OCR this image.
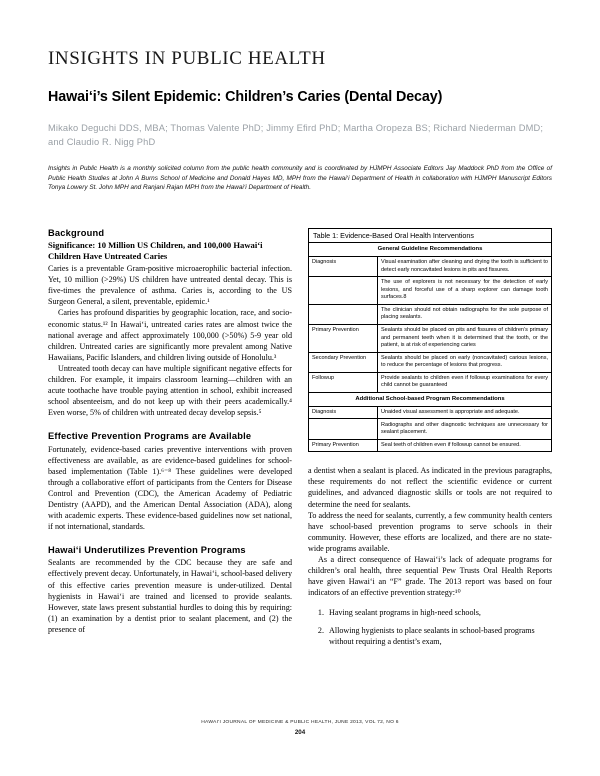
INSIGHTS IN PUBLIC HEALTH
Hawai‘i’s Silent Epidemic: Children’s Caries (Dental Decay)
Mikako Deguchi DDS, MBA; Thomas Valente PhD; Jimmy Efird PhD; Martha Oropeza BS; Richard Niederman DMD; and Claudio R. Nigg PhD
Insights in Public Health is a monthly solicited column from the public health community and is coordinated by HJMPH Associate Editors Jay Maddock PhD from the Office of Public Health Studies at John A Burns School of Medicine and Donald Hayes MD, MPH from the Hawai‘i Department of Health in collaboration with HJMPH Manuscript Editors Tonya Lowery St. John MPH and Ranjani Rajan MPH from the Hawai‘i Department of Health.
Background
Significance: 10 Million US Children, and 100,000 Hawai‘i Children Have Untreated Caries

Caries is a preventable Gram-positive microaerophilic bacterial infection. Yet, 10 million (>29%) US children have untreated dental decay. This is five-times the prevalence of asthma. Caries is, according to the US Surgeon General, a silent, preventable, epidemic.¹

Caries has profound disparities by geographic location, race, and socio-economic status.¹² In Hawai‘i, untreated caries rates are almost twice the national average and affect approximately 100,000 (>50%) 5-9 year old children. Untreated caries are significantly more prevalent among Native Hawaiians, Pacific Islanders, and children living outside of Honolulu.³

Untreated tooth decay can have multiple significant negative effects for children. For example, it impairs classroom learning—children with an acute toothache have trouble paying attention in school, exhibit increased school absenteeism, and do not keep up with their peers academically.⁴ Even worse, 5% of children with untreated decay develop sepsis.⁵

Effective Prevention Programs are Available

Fortunately, evidence-based caries preventive interventions with proven effectiveness are available, as are evidence-based guidelines for school-based implementation (Table 1).⁶⁻⁸ These guidelines were developed through a collaborative effort of participants from the Centers for Disease Control and Prevention (CDC), the American Academy of Pediatric Dentistry (AAPD), and the American Dental Association (ADA), along with academic experts. These evidence-based guidelines now set national, if not international, standards.

Hawai‘i Underutilizes Prevention Programs

Sealants are recommended by the CDC because they are safe and effectively prevent decay. Unfortunately, in Hawai‘i, school-based delivery of this effective caries prevention measure is under-utilized. Dental hygienists in Hawai‘i are trained and licensed to provide sealants. However, state laws present substantial hurdles to doing this by requiring: (1) an examination by a dentist prior to sealant placement, and (2) the presence of

Table 1: Evidence-Based Oral Health Interventions	
General Guideline Recommendations	
Diagnosis	Visual examination after cleaning and drying the tooth is sufficient to detect early noncavitated lesions in pits and fissures.
	The use of explorers is not necessary for the detection of early lesions, and forceful use of a sharp explorer can damage tooth surfaces.8
	The clinician should not obtain radiographs for the sole purpose of placing sealants.
Primary Prevention	Sealants should be placed on pits and fissures of children’s primary and permanent teeth when it is determined that the tooth, or the patient, is at risk of experiencing caries
Secondary Prevention	Sealants should be placed on early (noncavitated) carious lesions, to reduce the percentage of lesions that progress.
Followup	Provide sealants to children even if followup examinations for every child cannot be guaranteed
Additional School-based Program Recommendations	
Diagnosis	Unaided visual assessment is appropriate and adequate.
	Radiographs and other diagnostic techniques are unnecessary for sealant placement.
Primary Prevention	Seal teeth of children even if followup cannot be ensured.

a dentist when a sealant is placed. As indicated in the previous paragraphs, these requirements do not reflect the scientific evidence or current guidelines, and advanced diagnostic skills or tools are not required to determine the need for sealants.

To address the need for sealants, currently, a few community health centers have school-based prevention programs to serve schools in their community. However, these efforts are localized, and there are no state-wide programs available.

As a direct consequence of Hawai‘i’s lack of adequate programs for children’s oral health, three sequential Pew Trusts Oral Health Reports have given Hawai‘i an “F” grade. The 2013 report was based on four indicators of an effective prevention strategy:¹⁰

1. Having sealant programs in high-need schools,
2. Allowing hygienists to place sealants in school-based programs without requiring a dentist’s exam,
HAWAI‘I JOURNAL OF MEDICINE & PUBLIC HEALTH, JUNE 2013, VOL 72, NO 6
204
